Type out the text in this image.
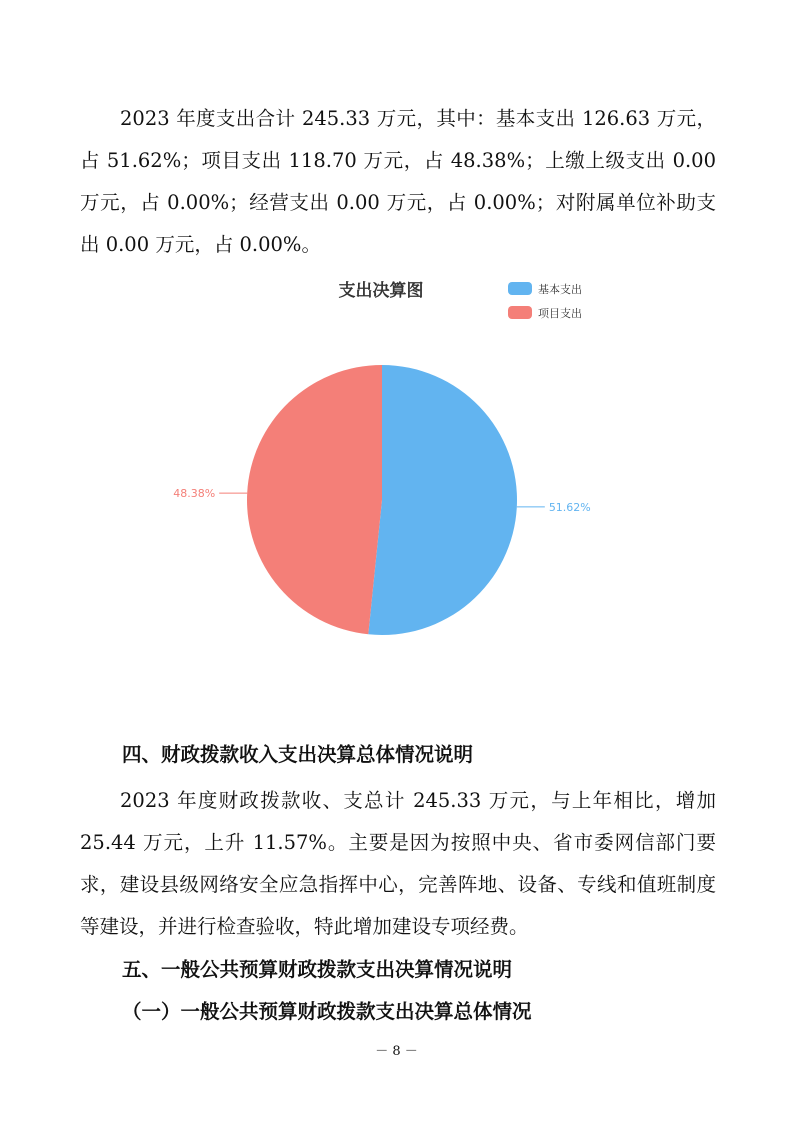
2023 年度支出合计 245.33 万元，其中：基本支出 126.63 万元，占 51.62%；项目支出 118.70 万元，占 48.38%；上缴上级支出 0.00 万元，占 0.00%；经营支出 0.00 万元，占 0.00%；对附属单位补助支出 0.00 万元，占 0.00%。

支出决算图	基本支出
项目支出
51.62%
48.38%
四、财政拨款收入支出决算总体情况说明

2023 年度财政拨款收、支总计 245.33 万元，与上年相比，增加 25.44 万元，上升 11.57%。主要是因为按照中央、省市委网信部门要求，建设县级网络安全应急指挥中心，完善阵地、设备、专线和值班制度等建设，并进行检查验收，特此增加建设专项经费。

五、一般公共预算财政拨款支出决算情况说明
（一）一般公共预算财政拨款支出决算总体情况
－ 8 －
